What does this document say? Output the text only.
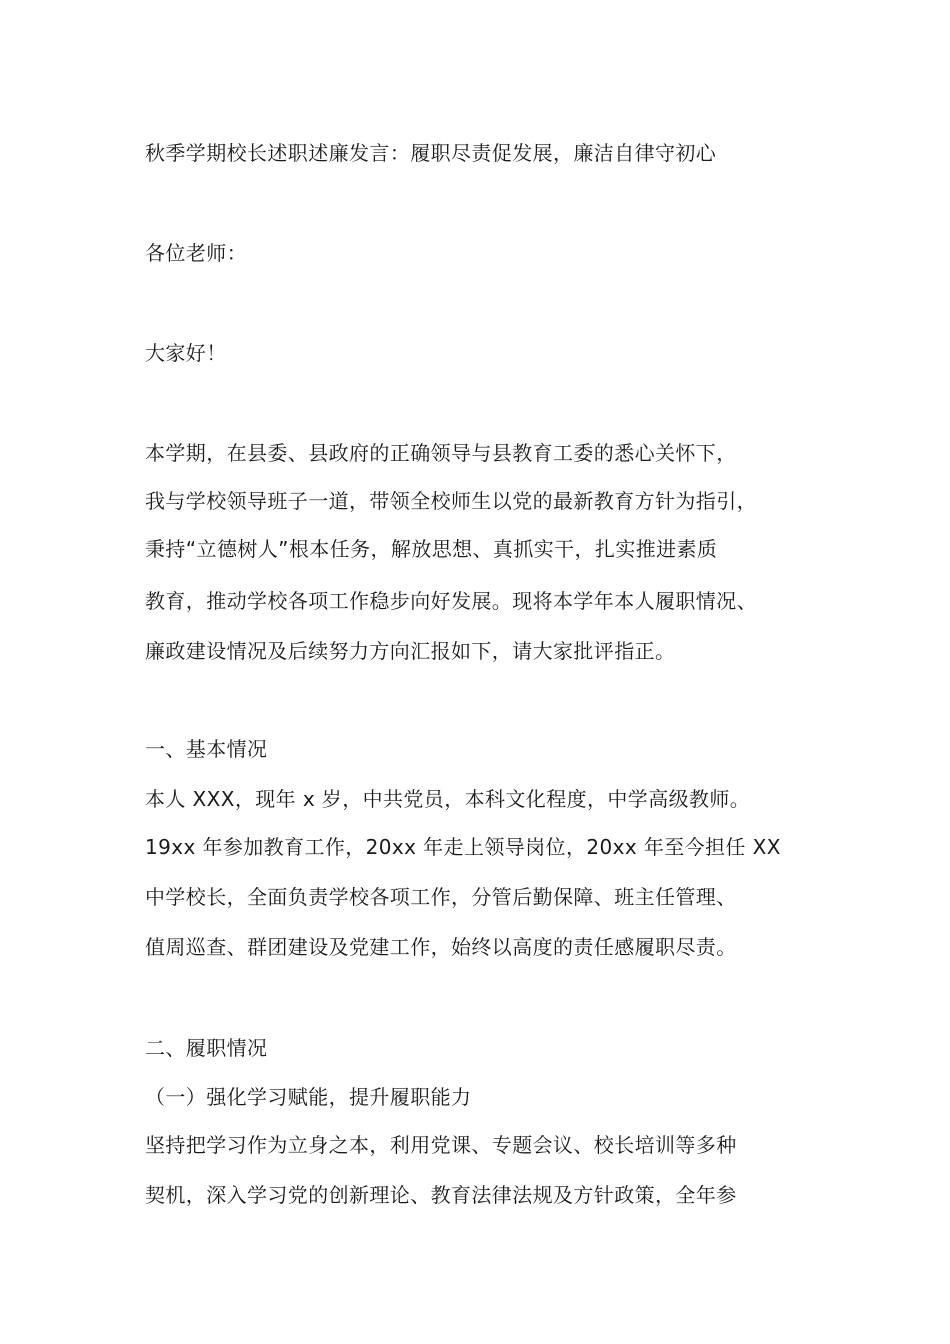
秋季学期校长述职述廉发言：履职尽责促发展，廉洁自律守初心
各位老师：
大家好！
本学期，在县委、县政府的正确领导与县教育工委的悉心关怀下，
我与学校领导班子一道，带领全校师生以党的最新教育方针为指引，
秉持“立德树人”根本任务，解放思想、真抓实干，扎实推进素质
教育，推动学校各项工作稳步向好发展。现将本学年本人履职情况、
廉政建设情况及后续努力方向汇报如下，请大家批评指正。
一、基本情况
本人 XXX，现年 x 岁，中共党员，本科文化程度，中学高级教师。
19xx 年参加教育工作，20xx 年走上领导岗位，20xx 年至今担任 XX
中学校长，全面负责学校各项工作，分管后勤保障、班主任管理、
值周巡查、群团建设及党建工作，始终以高度的责任感履职尽责。
二、履职情况
（一）强化学习赋能，提升履职能力
坚持把学习作为立身之本，利用党课、专题会议、校长培训等多种
契机，深入学习党的创新理论、教育法律法规及方针政策，全年参
